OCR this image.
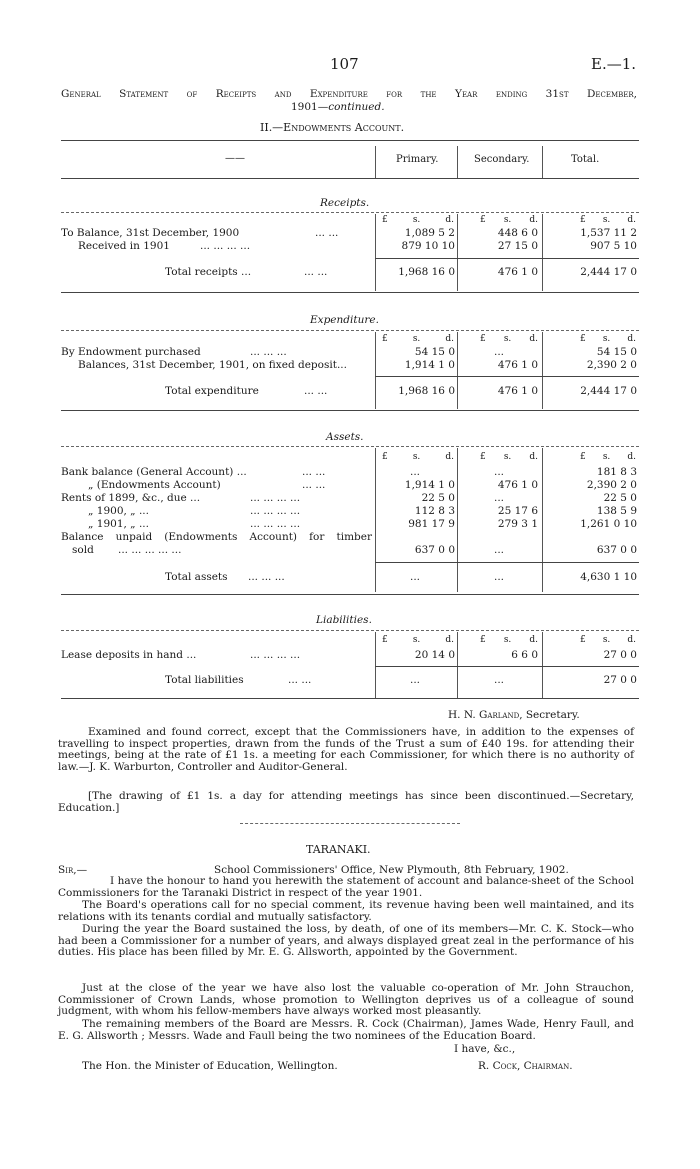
107	E.—1.
General Statement of Receipts and Expenditure for the Year ending 31st December,
1901—continued.
II.—Endowments Account.
——	Primary.	Secondary.	Total.
Receipts.
£	s.	d.	£ s. d.	£ s. d.
To Balance, 31st December, 1900	... ...	1,089 5 2	448 6 0	1,537 11 2
Received in 1901	... ... ... ...	879 10 10	27 15 0	907 5 10
Total receipts ...	... ...	1,968 16 0	476 1 0	2,444 17 0
Expenditure.
£	s.	d.	£ s. d.	£ s. d.
By Endowment purchased	... ... ...	54 15 0	...	54 15 0
Balances, 31st December, 1901, on fixed deposit...	1,914 1 0	476 1 0	2,390 2 0
Total expenditure	... ...	1,968 16 0	476 1 0	2,444 17 0
Assets.
£	s.	d.	£ s. d.	£ s. d.
Bank balance (General Account) ...	... ...	...	...	181 8 3
„ (Endowments Account)	... ...	1,914 1 0	476 1 0	2,390 2 0
Rents of 1899, &c., due ...	... ... ... ...	22 5 0	...	22 5 0
„ 1900, „ ...	... ... ... ...	112 8 3	25 17 6	138 5 9
„ 1901, „ ...	... ... ... ...	981 17 9	279 3 1	1,261 0 10
Balance unpaid (Endowments Account) for timber
sold ... ... ... ... ...	637 0 0	...	637 0 0
Total assets ... ... ...	...	...	4,630 1 10
Liabilities.
£	s.	d.	£ s. d.	£ s. d.
Lease deposits in hand ...	... ... ... ...	20 14 0	6 6 0	27 0 0
Total liabilities	... ...	...	...	27 0 0
H. N. Garland, Secretary.
Examined and found correct, except that the Commissioners have, in addition to the expenses of travelling to inspect properties, drawn from the funds of the Trust a sum of £40 19s. for attending their meetings, being at the rate of £1 1s. a meeting for each Commissioner, for which there is no authority of law.—J. K. Warburton, Controller and Auditor-General.
[The drawing of £1 1s. a day for attending meetings has since been discontinued.—Secretary, Education.]
TARANAKI.
Sir,—	School Commissioners' Office, New Plymouth, 8th February, 1902.
I have the honour to hand you herewith the statement of account and balance-sheet of the School Commissioners for the Taranaki District in respect of the year 1901.
The Board's operations call for no special comment, its revenue having been well maintained, and its relations with its tenants cordial and mutually satisfactory.
During the year the Board sustained the loss, by death, of one of its members—Mr. C. K. Stock—who had been a Commissioner for a number of years, and always displayed great zeal in the performance of his duties. His place has been filled by Mr. E. G. Allsworth, appointed by the Government.
Just at the close of the year we have also lost the valuable co-operation of Mr. John Strauchon, Commissioner of Crown Lands, whose promotion to Wellington deprives us of a colleague of sound judgment, with whom his fellow-members have always worked most pleasantly.
The remaining members of the Board are Messrs. R. Cock (Chairman), James Wade, Henry Faull, and E. G. Allsworth ; Messrs. Wade and Faull being the two nominees of the Education Board.
I have, &c.,
The Hon. the Minister of Education, Wellington.	R. Cock, Chairman.
